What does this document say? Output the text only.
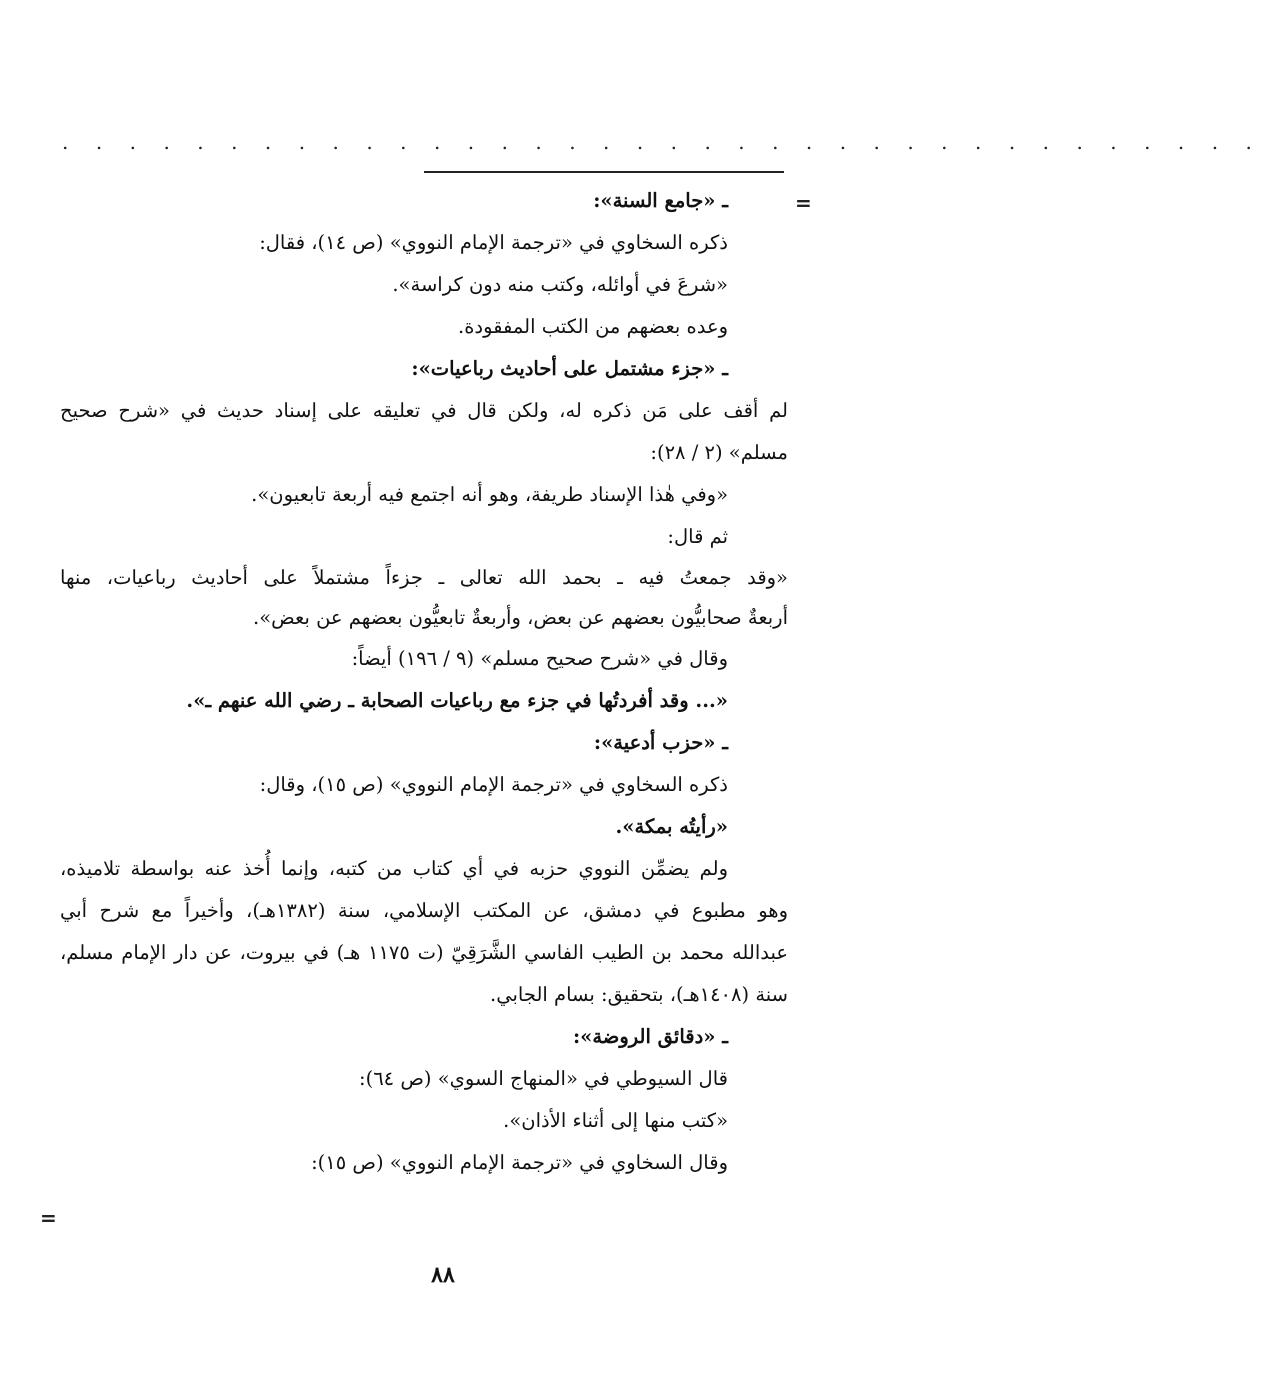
. . . . . . . . . . . . . . . . . . . . . . . . . . . . . . . . . . . .
=
=
ـ «جامع السنة»:
ذكره السخاوي في «ترجمة الإمام النووي» (ص ١٤)، فقال:
«شرعَ في أوائله، وكتب منه دون كراسة».
وعده بعضهم من الكتب المفقودة.
ـ «جزء مشتمل على أحاديث رباعيات»:
لم أقف على مَن ذكره له، ولكن قال في تعليقه على إسناد حديث في «شرح صحيح
مسلم» (٢ / ٢٨):
«وفي هٰذا الإسناد طريفة، وهو أنه اجتمع فيه أربعة تابعيون».
ثم قال:
«وقد جمعتُ فيه ـ بحمد الله تعالى ـ جزءاً مشتملاً على أحاديث رباعيات، منها
أربعةٌ صحابيُّون بعضهم عن بعض، وأربعةٌ تابعيُّون بعضهم عن بعض».
وقال في «شرح صحيح مسلم» (٩ / ١٩٦) أيضاً:
«... وقد أفردتُها في جزء مع رباعيات الصحابة ـ رضي الله عنهم ـ».
ـ «حزب أدعية»:
ذكره السخاوي في «ترجمة الإمام النووي» (ص ١٥)، وقال:
«رأيتُه بمكة».
ولم يضمِّن النووي حزبه في أي كتاب من كتبه، وإنما أُخذ عنه بواسطة تلاميذه،
وهو مطبوع في دمشق، عن المكتب الإسلامي، سنة (١٣٨٢هـ)، وأخيراً مع شرح أبي
عبدالله محمد بن الطيب الفاسي الشَّرَقِيّ (ت ١١٧٥ هـ) في بيروت، عن دار الإمام مسلم،
سنة (١٤٠٨هـ)، بتحقيق: بسام الجابي.
ـ «دقائق الروضة»:
قال السيوطي في «المنهاج السوي» (ص ٦٤):
«كتب منها إلى أثناء الأذان».
وقال السخاوي في «ترجمة الإمام النووي» (ص ١٥):
٨٨
